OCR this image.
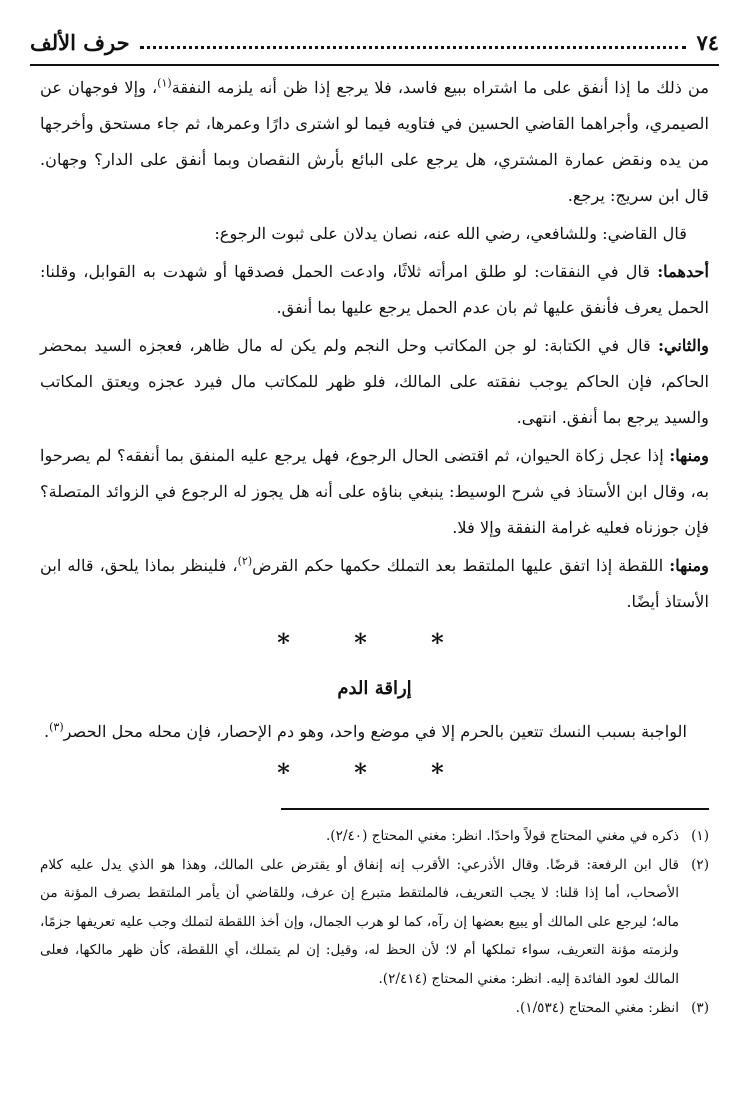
٧٤
حرف الألف

من ذلك ما إذا أنفق على ما اشتراه ببيع فاسد، فلا يرجع إذا ظن أنه يلزمه النفقة$^{(١)}$، وإلا فوجهان عن الصيمري، وأجراهما القاضي الحسين في فتاويه فيما لو اشترى دارًا وعمرها، ثم جاء مستحق وأخرجها من يده ونقض عمارة المشتري، هل يرجع على البائع بأرش النقصان وبما أنفق على الدار؟ وجهان. قال ابن سريج: يرجع.

قال القاضي: وللشافعي، رضي الله عنه، نصان يدلان على ثبوت الرجوع:

أحدهما: قال في النفقات: لو طلق امرأته ثلاثًا، وادعت الحمل فصدقها أو شهدت به القوابل، وقلنا: الحمل يعرف فأنفق عليها ثم بان عدم الحمل يرجع عليها بما أنفق.

والثاني: قال في الكتابة: لو جن المكاتب وحل النجم ولم يكن له مال ظاهر، فعجزه السيد بمحضر الحاكم، فإن الحاكم يوجب نفقته على المالك، فلو ظهر للمكاتب مال فيرد عجزه ويعتق المكاتب والسيد يرجع بما أنفق. انتهى.

ومنها: إذا عجل زكاة الحيوان، ثم اقتضى الحال الرجوع، فهل يرجع عليه المنفق بما أنفقه؟ لم يصرحوا به، وقال ابن الأستاذ في شرح الوسيط: ينبغي بناؤه على أنه هل يجوز له الرجوع في الزوائد المتصلة؟ فإن جوزناه فعليه غرامة النفقة وإلا فلا.

ومنها: اللقطة إذا اتفق عليها الملتقط بعد التملك حكمها حكم القرض$^{(٢)}$، فلينظر بماذا يلحق، قاله ابن الأستاذ أيضًا.

* * *
إراقة الدم

الواجبة بسبب النسك تتعين بالحرم إلا في موضع واحد، وهو دم الإحصار، فإن محله محل الحصر$^{(٣)}$.

* * *

(١)
ذكره في مغني المحتاج قولاً واحدًا. انظر: مغني المحتاج (٢/٤٠).

(٢)
قال ابن الرفعة: قرضًا. وقال الأذرعي: الأقرب إنه إنفاق أو يقترض على المالك، وهذا هو الذي يدل عليه كلام الأصحاب، أما إذا قلنا: لا يجب التعريف، فالملتقط متبرع إن عرف، وللقاضي أن يأمر الملتقط بصرف المؤنة من ماله؛ ليرجع على المالك أو يبيع بعضها إن رآه، كما لو هرب الجمال، وإن أخذ اللقطة لتملك وجب عليه تعريفها جزمًا، ولزمته مؤنة التعريف، سواء تملكها أم لا؛ لأن الحظ له، وقيل: إن لم يتملك، أي اللقطة، كأن ظهر مالكها، فعلى المالك لعود الفائدة إليه. انظر: مغني المحتاج (٢/٤١٤).

(٣)
انظر: مغني المحتاج (١/٥٣٤).
